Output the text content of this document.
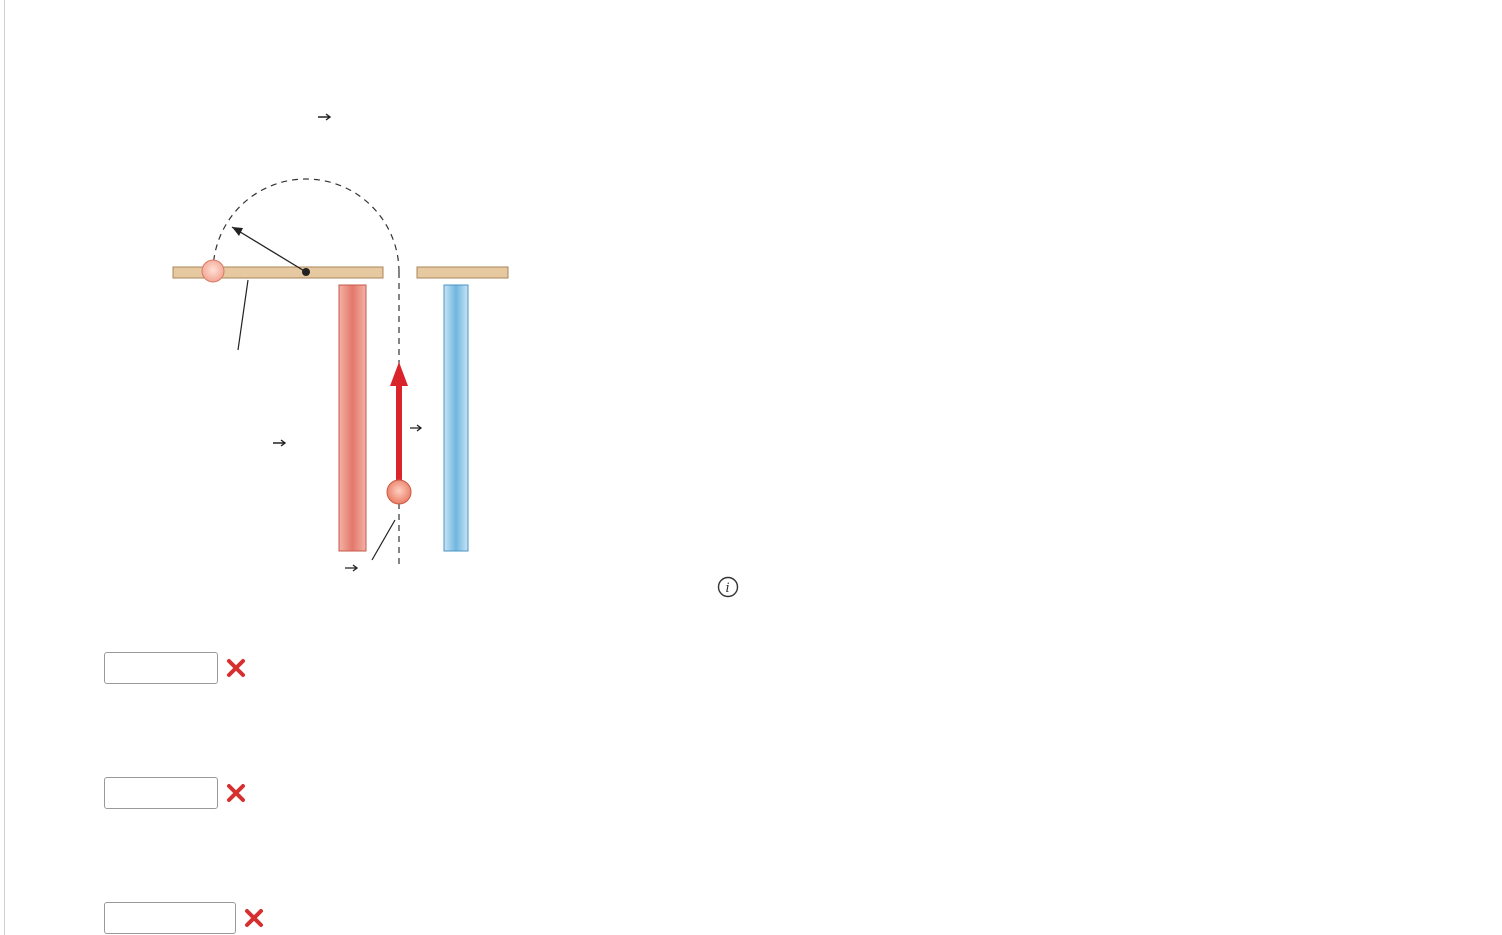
i
